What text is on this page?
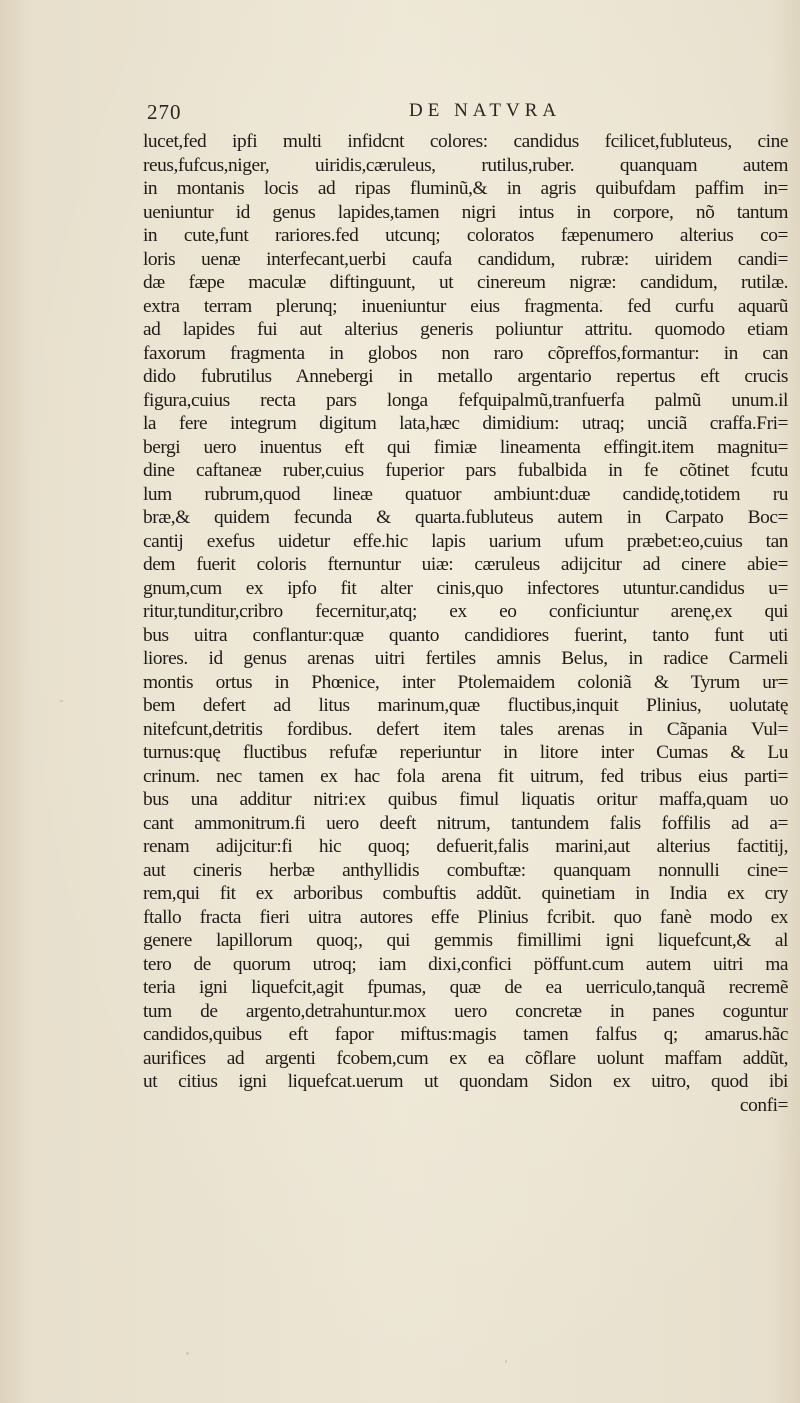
270	DE NATVRA
lucet,fed ipfi multi infidcnt colores: candidus fcilicet,fubluteus, cine
reus,fufcus,niger, uiridis,cæruleus, rutilus,ruber. quanquam autem
in montanis locis ad ripas fluminũ,& in agris quibufdam paffim in=
ueniuntur id genus lapides,tamen nigri intus in corpore, nõ tantum
in cute,funt rariores.fed utcunq; coloratos fæpenumero alterius co=
loris uenæ interfecant,uerbi caufa candidum, rubræ: uiridem candi=
dæ fæpe maculæ diftinguunt, ut cinereum nigræ: candidum, rutilæ.
extra terram plerunq; inueniuntur eius fragmenta. fed curfu aquarũ
ad lapides fui aut alterius generis poliuntur attritu. quomodo etiam
faxorum fragmenta in globos non raro cõpreffos,formantur: in can
dido fubrutilus Annebergi in metallo argentario repertus eft crucis
figura,cuius recta pars longa fefquipalmũ,tranfuerfa palmũ unum.il
la fere integrum digitum lata,hæc dimidium: utraq; unciã craffa.Fri=
bergi uero inuentus eft qui fimiæ lineamenta effingit.item magnitu=
dine caftaneæ ruber,cuius fuperior pars fubalbida in fe cõtinet fcutu
lum rubrum,quod lineæ quatuor ambiunt:duæ candidę,totidem ru
bræ,& quidem fecunda & quarta.fubluteus autem in Carpato Boc=
cantij exefus uidetur effe.hic lapis uarium ufum præbet:eo,cuius tan
dem fuerit coloris fternuntur uiæ: cæruleus adijcitur ad cinere abie=
gnum,cum ex ipfo fit alter cinis,quo infectores utuntur.candidus u=
ritur,tunditur,cribro fecernitur,atq; ex eo conficiuntur arenę,ex qui
bus uitra conflantur:quæ quanto candidiores fuerint, tanto funt uti
liores. id genus arenas uitri fertiles amnis Belus, in radice Carmeli
montis ortus in Phœnice, inter Ptolemaidem coloniã & Tyrum ur=
bem defert ad litus marinum,quæ fluctibus,inquit Plinius, uolutatę
nitefcunt,detritis fordibus. defert item tales arenas in Cãpania Vul=
turnus:quę fluctibus refufæ reperiuntur in litore inter Cumas & Lu
crinum. nec tamen ex hac fola arena fit uitrum, fed tribus eius parti=
bus una additur nitri:ex quibus fimul liquatis oritur maffa,quam uo
cant ammonitrum.fi uero deeft nitrum, tantundem falis foffilis ad a=
renam adijcitur:fi hic quoq; defuerit,falis marini,aut alterius factitij,
aut cineris herbæ anthyllidis combuftæ: quanquam nonnulli cine=
rem,qui fit ex arboribus combuftis addũt. quinetiam in India ex cry
ftallo fracta fieri uitra autores effe Plinius fcribit. quo fanè modo ex
genere lapillorum quoq;, qui gemmis fimillimi igni liquefcunt,& al
tero de quorum utroq; iam dixi,confici pöffunt.cum autem uitri ma
teria igni liquefcit,agit fpumas, quæ de ea uerriculo,tanquã recremẽ
tum de argento,detrahuntur.mox uero concretæ in panes coguntur
candidos,quibus eft fapor miftus:magis tamen falfus q; amarus.hãc
aurifices ad argenti fcobem,cum ex ea cõflare uolunt maffam addũt,
ut citius igni liquefcat.uerum ut quondam Sidon ex uitro, quod ibi
confi=
